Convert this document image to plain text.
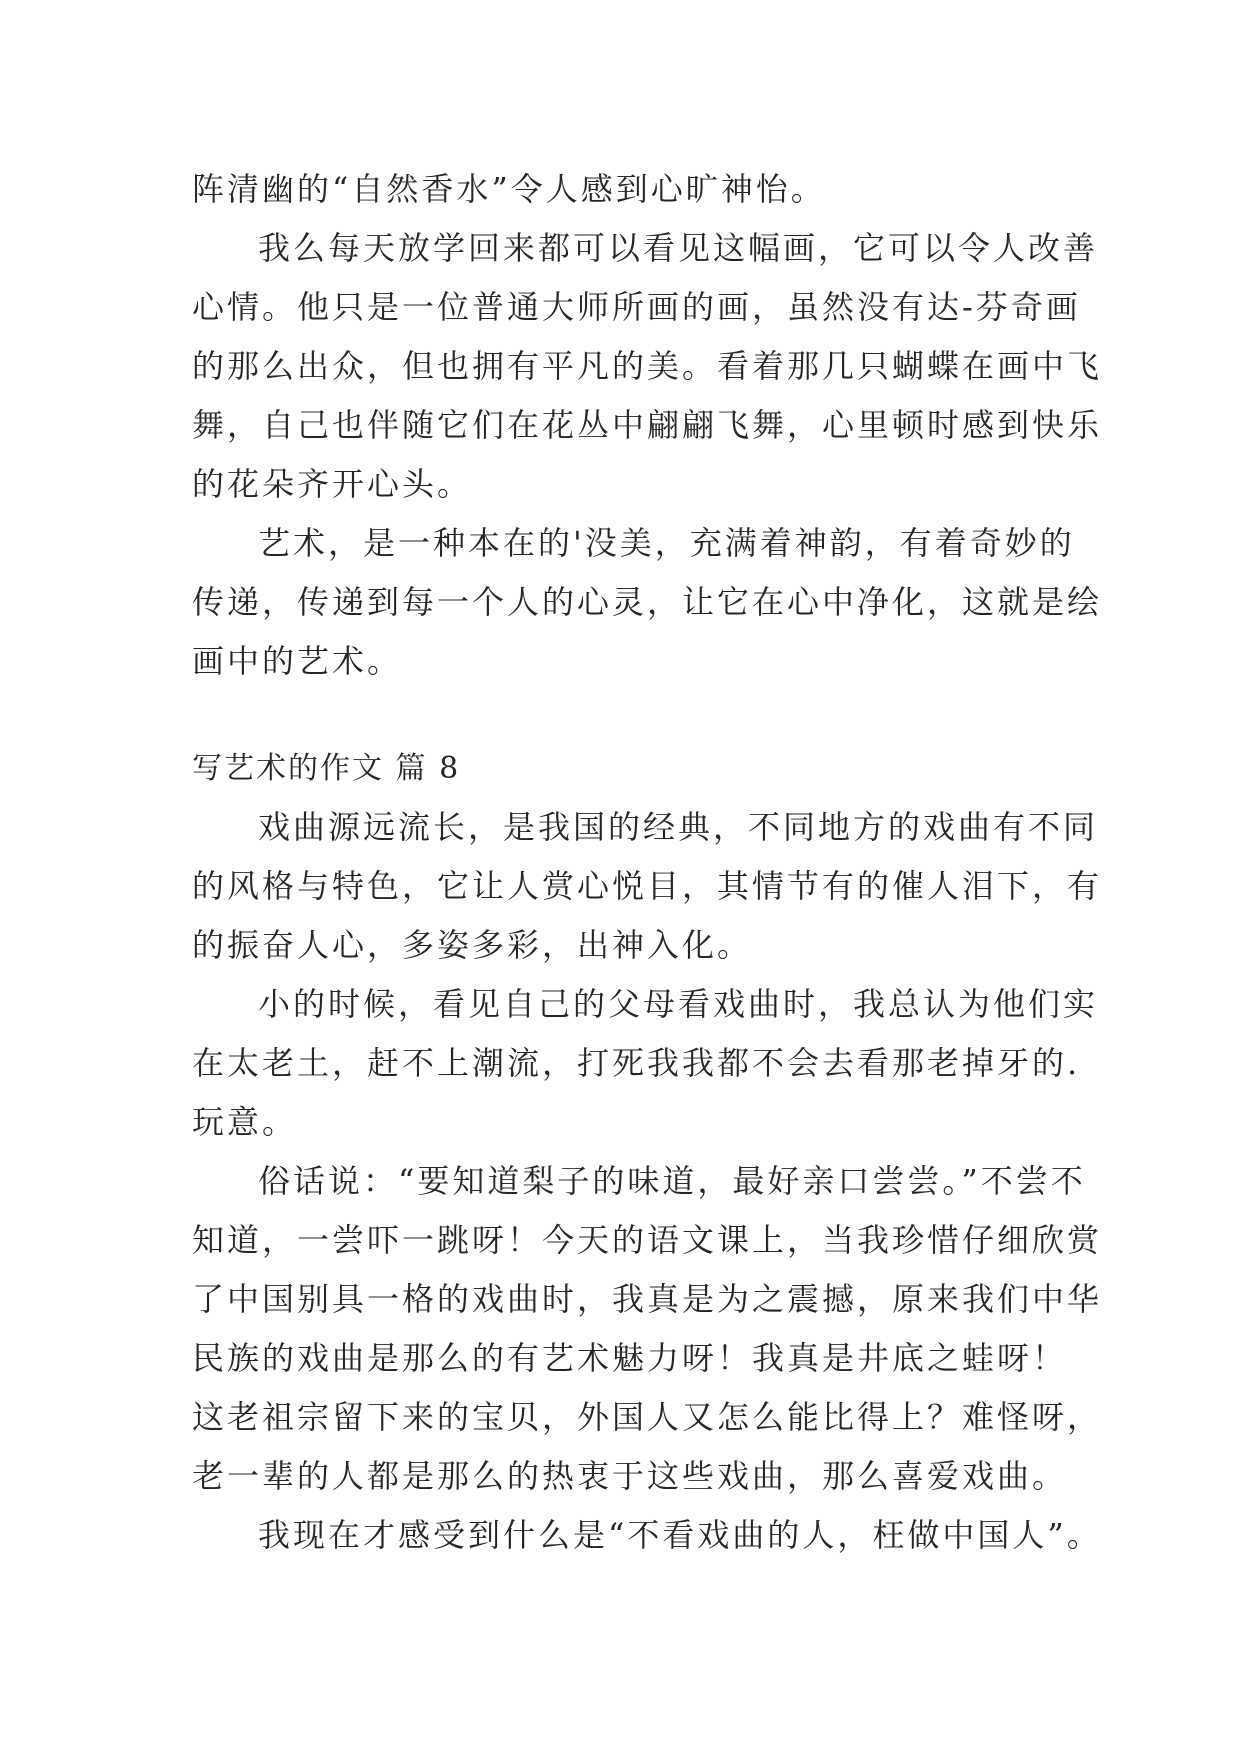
阵清幽的“自然香水”令人感到心旷神怡。
我么每天放学回来都可以看见这幅画，它可以令人改善
心情。他只是一位普通大师所画的画，虽然没有达-芬奇画
的那么出众，但也拥有平凡的美。看着那几只蝴蝶在画中飞
舞，自己也伴随它们在花丛中翩翩飞舞，心里顿时感到快乐
的花朵齐开心头。
艺术，是一种本在的'没美，充满着神韵，有着奇妙的
传递，传递到每一个人的心灵，让它在心中净化，这就是绘
画中的艺术。
写艺术的作文 篇 8
戏曲源远流长，是我国的经典，不同地方的戏曲有不同
的风格与特色，它让人赏心悦目，其情节有的催人泪下，有
的振奋人心，多姿多彩，出神入化。
小的时候，看见自己的父母看戏曲时，我总认为他们实
在太老土，赶不上潮流，打死我我都不会去看那老掉牙的.
玩意。
俗话说：“要知道梨子的味道，最好亲口尝尝。”不尝不
知道，一尝吓一跳呀！今天的语文课上，当我珍惜仔细欣赏
了中国别具一格的戏曲时，我真是为之震撼，原来我们中华
民族的戏曲是那么的有艺术魅力呀！我真是井底之蛙呀！
这老祖宗留下来的宝贝，外国人又怎么能比得上？难怪呀，
老一辈的人都是那么的热衷于这些戏曲，那么喜爱戏曲。
我现在才感受到什么是“不看戏曲的人，枉做中国人”。
